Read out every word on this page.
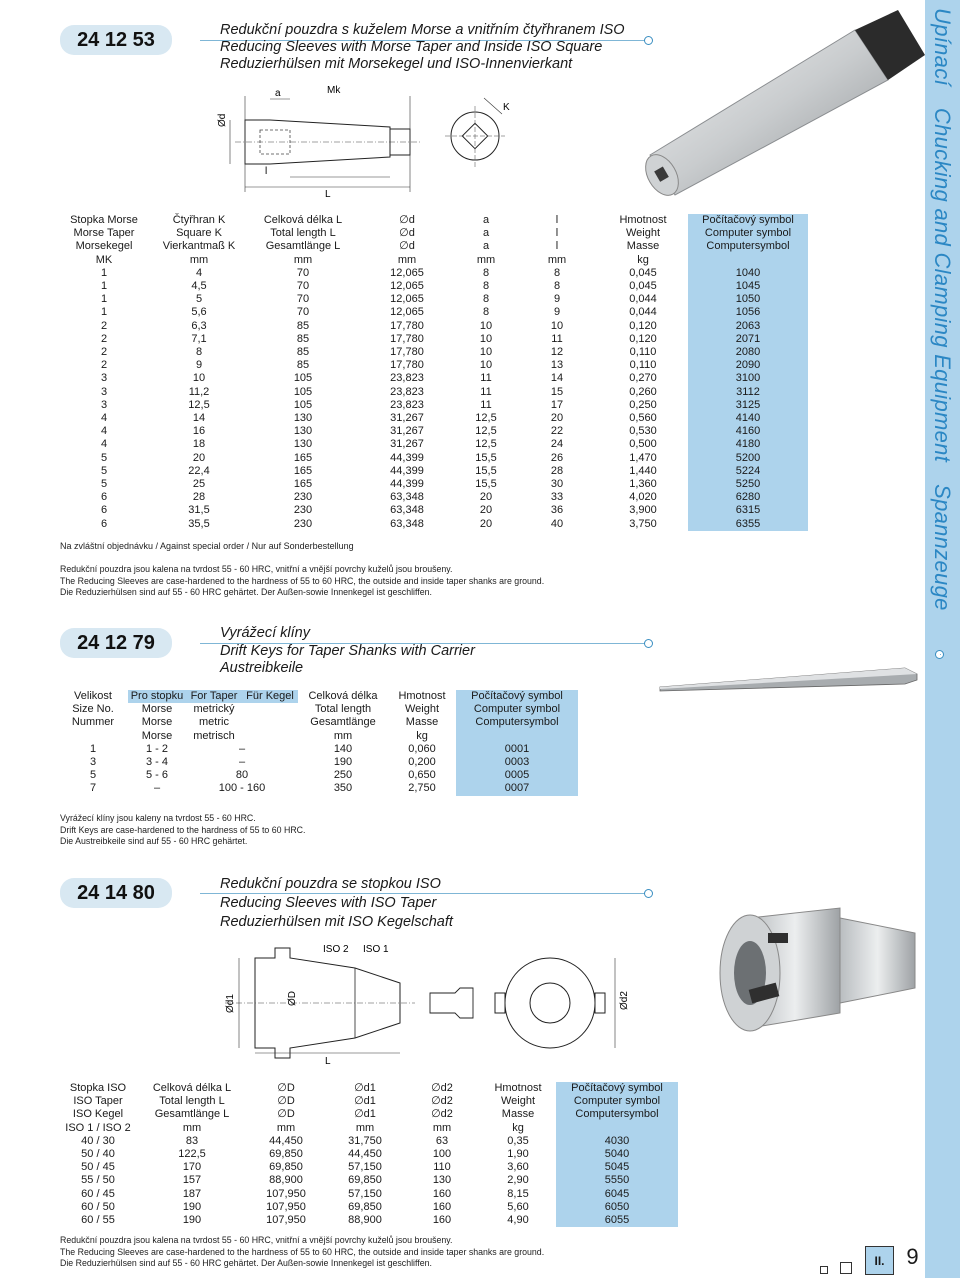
UpínacíChucking and Clamping EquipmentSpannzeuge
24 12 53	Redukční pouzdra s kuželem Morse a vnitřním čtyřhranem ISO

Reducing Sleeves with Morse Taper and Inside ISO Square

Reduzierhülsen mit Morsekegel und ISO-Innenvierkant

Ød
a	Mk
l
L
K
Stopka Morse	Čtyřhran K	Celková délka L	∅d	a	l	Hmotnost	Počítačový symbol
Morse Taper	Square K	Total length L	∅d	a	l	Weight	Computer symbol
Morsekegel	Vierkantmaß K	Gesamtlänge L	∅d	a	l	Masse	Computersymbol
MK	mm	mm	mm	mm	mm	kg	
1	4	70	12,065	8	8	0,045	1040
1	4,5	70	12,065	8	8	0,045	1045
1	5	70	12,065	8	9	0,044	1050
1	5,6	70	12,065	8	9	0,044	1056
2	6,3	85	17,780	10	10	0,120	2063
2	7,1	85	17,780	10	11	0,120	2071
2	8	85	17,780	10	12	0,110	2080
2	9	85	17,780	10	13	0,110	2090
3	10	105	23,823	11	14	0,270	3100
3	11,2	105	23,823	11	15	0,260	3112
3	12,5	105	23,823	11	17	0,250	3125
4	14	130	31,267	12,5	20	0,560	4140
4	16	130	31,267	12,5	22	0,530	4160
4	18	130	31,267	12,5	24	0,500	4180
5	20	165	44,399	15,5	26	1,470	5200
5	22,4	165	44,399	15,5	28	1,440	5224
5	25	165	44,399	15,5	30	1,360	5250
6	28	230	63,348	20	33	4,020	6280
6	31,5	230	63,348	20	36	3,900	6315
6	35,5	230	63,348	20	40	3,750	6355
Na zvláštní objednávku / Against special order / Nur auf Sonderbestellung

Redukční pouzdra jsou kalena na tvrdost 55 - 60 HRC, vnitřní a vnější povrchy kuželů jsou broušeny.

The Reducing Sleeves are case-hardened to the hardness of 55 to 60 HRC, the outside and inside taper shanks are ground.

Die Reduzierhülsen sind auf 55 - 60 HRC gehärtet. Der Außen-sowie Innenkegel ist geschliffen.

24 12 79	Vyrážecí klíny

Drift Keys for Taper Shanks with Carrier

Austreibkeile

Velikost	Pro stopku	For Taper	Für Kegel	Celková délka	Hmotnost	Počítačový symbol
Size No.	Morse	metrický		Total length	Weight	Computer symbol
Nummer	Morse	metric		Gesamtlänge	Masse	Computersymbol
	Morse	metrisch		mm	kg	
1	1 - 2	–		140	0,060	0001
3	3 - 4	–		190	0,200	0003
5	5 - 6	80		250	0,650	0005
7	–	100 - 160		350	2,750	0007

Vyrážecí klíny jsou kaleny na tvrdost 55 - 60 HRC.

Drift Keys are case-hardened to the hardness of 55 to 60 HRC.

Die Austreibkeile sind auf 55 - 60 HRC gehärtet.

24 14 80	Redukční pouzdra se stopkou ISO

Reducing Sleeves with ISO Taper

Reduzierhülsen mit ISO Kegelschaft

Ød1	ØD
L
ISO 2 ISO 1
Ød2
Stopka ISO	Celková délka L	∅D	∅d1	∅d2	Hmotnost	Počítačový symbol
ISO Taper	Total length L	∅D	∅d1	∅d2	Weight	Computer symbol
ISO Kegel	Gesamtlänge L	∅D	∅d1	∅d2	Masse	Computersymbol
ISO 1 / ISO 2	mm	mm	mm	mm	kg	
40 / 30	83	44,450	31,750	63	0,35	4030
50 / 40	122,5	69,850	44,450	100	1,90	5040
50 / 45	170	69,850	57,150	110	3,60	5045
55 / 50	157	88,900	69,850	130	2,90	5550
60 / 45	187	107,950	57,150	160	8,15	6045
60 / 50	190	107,950	69,850	160	5,60	6050
60 / 55	190	107,950	88,900	160	4,90	6055

Redukční pouzdra jsou kalena na tvrdost 55 - 60 HRC, vnitřní a vnější povrchy kuželů jsou broušeny.

The Reducing Sleeves are case-hardened to the hardness of 55 to 60 HRC, the outside and inside taper shanks are ground.

Die Reduzierhülsen sind auf 55 - 60 HRC gehärtet. Der Außen-sowie Innenkegel ist geschliffen.	II. 9
